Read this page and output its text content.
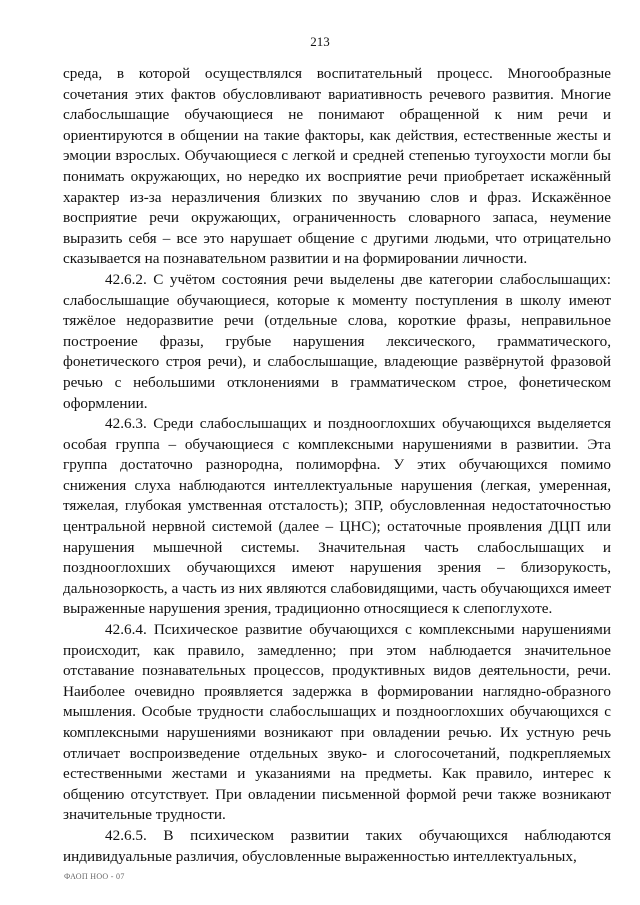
213

среда, в которой осуществлялся воспитательный процесс. Многообразные сочетания этих фактов обусловливают вариативность речевого развития. Многие слабослышащие обучающиеся не понимают обращенной к ним речи и ориентируются в общении на такие факторы, как действия, естественные жесты и эмоции взрослых. Обучающиеся с легкой и средней степенью тугоухости могли бы понимать окружающих, но нередко их восприятие речи приобретает искажённый характер из-за неразличения близких по звучанию слов и фраз. Искажённое восприятие речи окружающих, ограниченность словарного запаса, неумение выразить себя – все это нарушает общение с другими людьми, что отрицательно сказывается на познавательном развитии и на формировании личности.

42.6.2. С учётом состояния речи выделены две категории слабослышащих: слабослышащие обучающиеся, которые к моменту поступления в школу имеют тяжёлое недоразвитие речи (отдельные слова, короткие фразы, неправильное построение фразы, грубые нарушения лексического, грамматического, фонетического строя речи), и слабослышащие, владеющие развёрнутой фразовой речью с небольшими отклонениями в грамматическом строе, фонетическом оформлении.

42.6.3. Среди слабослышащих и позднооглохших обучающихся выделяется особая группа – обучающиеся с комплексными нарушениями в развитии. Эта группа достаточно разнородна, полиморфна. У этих обучающихся помимо снижения слуха наблюдаются интеллектуальные нарушения (легкая, умеренная, тяжелая, глубокая умственная отсталость); ЗПР, обусловленная недостаточностью центральной нервной системой (далее – ЦНС); остаточные проявления ДЦП или нарушения мышечной системы. Значительная часть слабослышащих и позднооглохших обучающихся имеют нарушения зрения – близорукость, дальнозоркость, а часть из них являются слабовидящими, часть обучающихся имеет выраженные нарушения зрения, традиционно относящиеся к слепоглухоте.

42.6.4. Психическое развитие обучающихся с комплексными нарушениями происходит, как правило, замедленно; при этом наблюдается значительное отставание познавательных процессов, продуктивных видов деятельности, речи. Наиболее очевидно проявляется задержка в формировании наглядно-образного мышления. Особые трудности слабослышащих и позднооглохших обучающихся с комплексными нарушениями возникают при овладении речью. Их устную речь отличает воспроизведение отдельных звуко- и слогосочетаний, подкрепляемых естественными жестами и указаниями на предметы. Как правило, интерес к общению отсутствует. При овладении письменной формой речи также возникают значительные трудности.

42.6.5. В психическом развитии таких обучающихся наблюдаются индивидуальные различия, обусловленные выраженностью интеллектуальных,

ФАОП НОО - 07
